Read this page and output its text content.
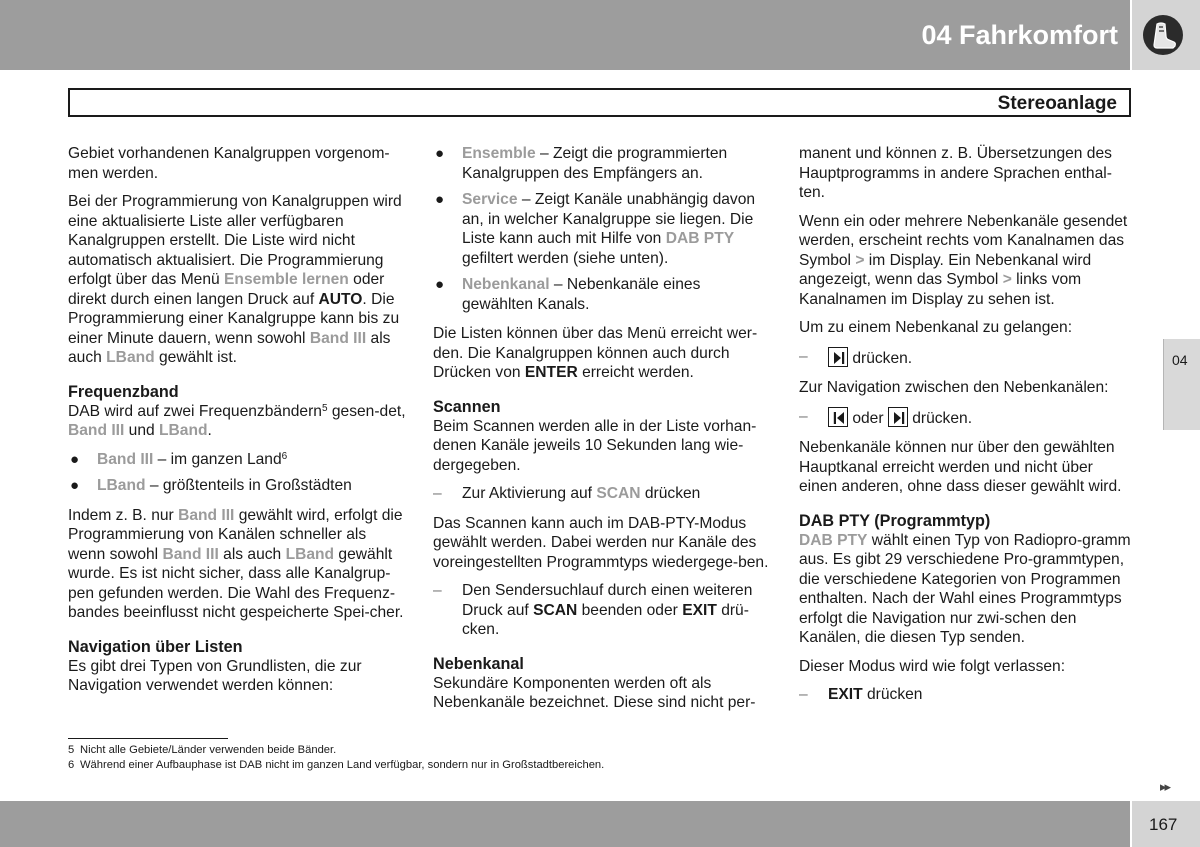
04 Fahrkomfort
Stereoanlage

Gebiet vorhandenen Kanalgruppen vorgenom-men werden.

Bei der Programmierung von Kanalgruppen wird eine aktualisierte Liste aller verfügbaren Kanalgruppen erstellt. Die Liste wird nicht automatisch aktualisiert. Die Programmierung erfolgt über das Menü Ensemble lernen oder direkt durch einen langen Druck auf AUTO. Die Programmierung einer Kanalgruppe kann bis zu einer Minute dauern, wenn sowohl Band III als auch LBand gewählt ist.

Frequenzband

DAB wird auf zwei Frequenzbändern$^5$ gesen-det, Band III und LBand.

● Band III – im ganzen Land$^6$
● LBand – größtenteils in Großstädten

Indem z. B. nur Band III gewählt wird, erfolgt die Programmierung von Kanälen schneller als wenn sowohl Band III als auch LBand gewählt wurde. Es ist nicht sicher, dass alle Kanalgrup-pen gefunden werden. Die Wahl des Frequenz-bandes beeinflusst nicht gespeicherte Spei-cher.

Navigation über Listen

Es gibt drei Typen von Grundlisten, die zur Navigation verwendet werden können:

● Ensemble – Zeigt die programmierten Kanalgruppen des Empfängers an.
● Service – Zeigt Kanäle unabhängig davon an, in welcher Kanalgruppe sie liegen. Die Liste kann auch mit Hilfe von DAB PTY gefiltert werden (siehe unten).
● Nebenkanal – Nebenkanäle eines gewählten Kanals.

Die Listen können über das Menü erreicht wer-den. Die Kanalgruppen können auch durch Drücken von ENTER erreicht werden.

Scannen

Beim Scannen werden alle in der Liste vorhan-denen Kanäle jeweils 10 Sekunden lang wie-dergegeben.

– Zur Aktivierung auf SCAN drücken

Das Scannen kann auch im DAB-PTY-Modus gewählt werden. Dabei werden nur Kanäle des voreingestellten Programmtyps wiedergege-ben.

– Den Sendersuchlauf durch einen weiteren Druck auf SCAN beenden oder EXIT drü-cken.
Nebenkanal

Sekundäre Komponenten werden oft als Nebenkanäle bezeichnet. Diese sind nicht per-

manent und können z. B. Übersetzungen des Hauptprogramms in andere Sprachen enthal-ten.

Wenn ein oder mehrere Nebenkanäle gesendet werden, erscheint rechts vom Kanalnamen das Symbol > im Display. Ein Nebenkanal wird angezeigt, wenn das Symbol > links vom Kanalnamen im Display zu sehen ist.

Um zu einem Nebenkanal zu gelangen:

–	drücken.

Zur Navigation zwischen den Nebenkanälen:

–	oder
drücken.

Nebenkanäle können nur über den gewählten Hauptkanal erreicht werden und nicht über einen anderen, ohne dass dieser gewählt wird.

DAB PTY (Programmtyp)

DAB PTY wählt einen Typ von Radiopro-gramm aus. Es gibt 29 verschiedene Pro-grammtypen, die verschiedene Kategorien von Programmen enthalten. Nach der Wahl eines Programmtyps erfolgt die Navigation nur zwi-schen den Kanälen, die diesen Typ senden.

Dieser Modus wird wie folgt verlassen:

– EXIT drücken
04
5 Nicht alle Gebiete/Länder verwenden beide Bänder.
6 Während einer Aufbauphase ist DAB nicht im ganzen Land verfügbar, sondern nur in Großstadtbereichen.
▸▸
167
